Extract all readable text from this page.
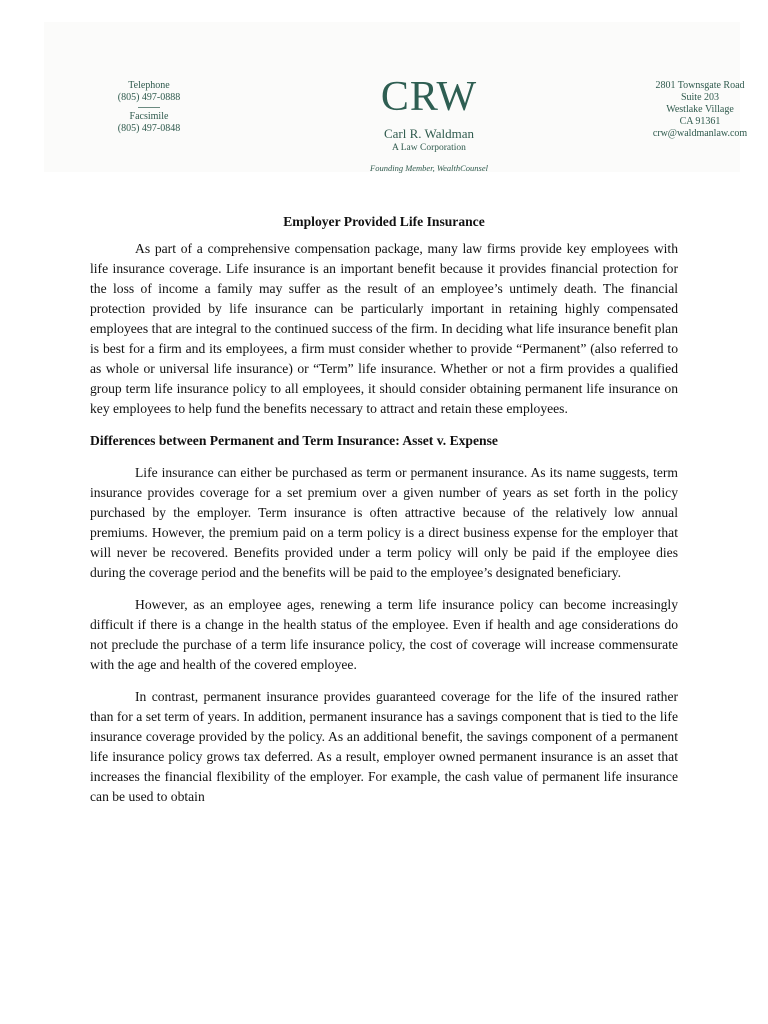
Telephone
(805) 497-0888
Facsimile
(805) 497-0848
CRW
Carl R. Waldman
A Law Corporation
Founding Member, WealthCounsel
2801 Townsgate Road
Suite 203
Westlake Village
CA 91361
crw@waldmanlaw.com
Employer Provided Life Insurance

As part of a comprehensive compensation package, many law firms provide key employees with life insurance coverage. Life insurance is an important benefit because it provides financial protection for the loss of income a family may suffer as the result of an employee’s untimely death. The financial protection provided by life insurance can be particularly important in retaining highly compensated employees that are integral to the continued success of the firm. In deciding what life insurance benefit plan is best for a firm and its employees, a firm must consider whether to provide “Permanent” (also referred to as whole or universal life insurance) or “Term” life insurance. Whether or not a firm provides a qualified group term life insurance policy to all employees, it should consider obtaining permanent life insurance on key employees to help fund the benefits necessary to attract and retain these employees.

Differences between Permanent and Term Insurance: Asset v. Expense

Life insurance can either be purchased as term or permanent insurance. As its name suggests, term insurance provides coverage for a set premium over a given number of years as set forth in the policy purchased by the employer. Term insurance is often attractive because of the relatively low annual premiums. However, the premium paid on a term policy is a direct business expense for the employer that will never be recovered. Benefits provided under a term policy will only be paid if the employee dies during the coverage period and the benefits will be paid to the employee’s designated beneficiary.

However, as an employee ages, renewing a term life insurance policy can become increasingly difficult if there is a change in the health status of the employee. Even if health and age considerations do not preclude the purchase of a term life insurance policy, the cost of coverage will increase commensurate with the age and health of the covered employee.

In contrast, permanent insurance provides guaranteed coverage for the life of the insured rather than for a set term of years. In addition, permanent insurance has a savings component that is tied to the life insurance coverage provided by the policy. As an additional benefit, the savings component of a permanent life insurance policy grows tax deferred. As a result, employer owned permanent insurance is an asset that increases the financial flexibility of the employer. For example, the cash value of permanent life insurance can be used to obtain
